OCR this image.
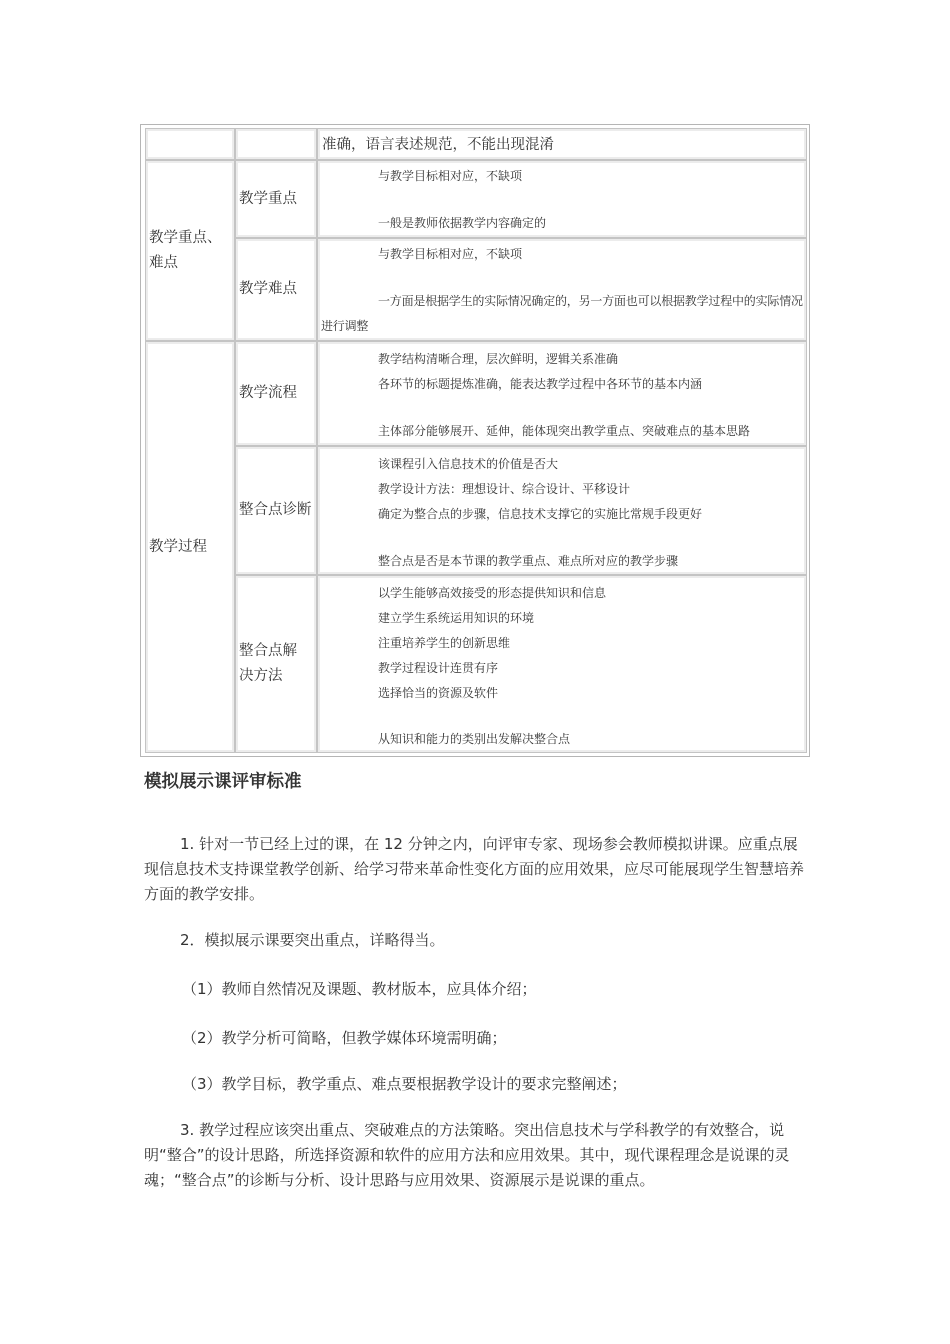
准确，语言表述规范，不能出现混淆
教学重点、难点
教学重点
与教学目标相对应，不缺项
一般是教师依据教学内容确定的
教学难点
与教学目标相对应，不缺项
一方面是根据学生的实际情况确定的，另一方面也可以根据教学过程中的实际情况进行调整
教学过程
教学流程
教学结构清晰合理，层次鲜明，逻辑关系准确
各环节的标题提炼准确，能表达教学过程中各环节的基本内涵
主体部分能够展开、延伸，能体现突出教学重点、突破难点的基本思路
整合点诊断
该课程引入信息技术的价值是否大
教学设计方法：理想设计、综合设计、平移设计
确定为整合点的步骤，信息技术支撑它的实施比常规手段更好
整合点是否是本节课的教学重点、难点所对应的教学步骤
整合点解决方法
以学生能够高效接受的形态提供知识和信息
建立学生系统运用知识的环境
注重培养学生的创新思维
教学过程设计连贯有序
选择恰当的资源及软件
从知识和能力的类别出发解决整合点
模拟展示课评审标准

1. 针对一节已经上过的课，在 12 分钟之内，向评审专家、现场参会教师模拟讲课。应重点展现信息技术支持课堂教学创新、给学习带来革命性变化方面的应用效果，应尽可能展现学生智慧培养方面的教学安排。

2．模拟展示课要突出重点，详略得当。

（1）教师自然情况及课题、教材版本，应具体介绍；

（2）教学分析可简略，但教学媒体环境需明确；

（3）教学目标，教学重点、难点要根据教学设计的要求完整阐述；

3. 教学过程应该突出重点、突破难点的方法策略。突出信息技术与学科教学的有效整合，说明“整合”的设计思路，所选择资源和软件的应用方法和应用效果。其中，现代课程理念是说课的灵魂；“整合点”的诊断与分析、设计思路与应用效果、资源展示是说课的重点。
